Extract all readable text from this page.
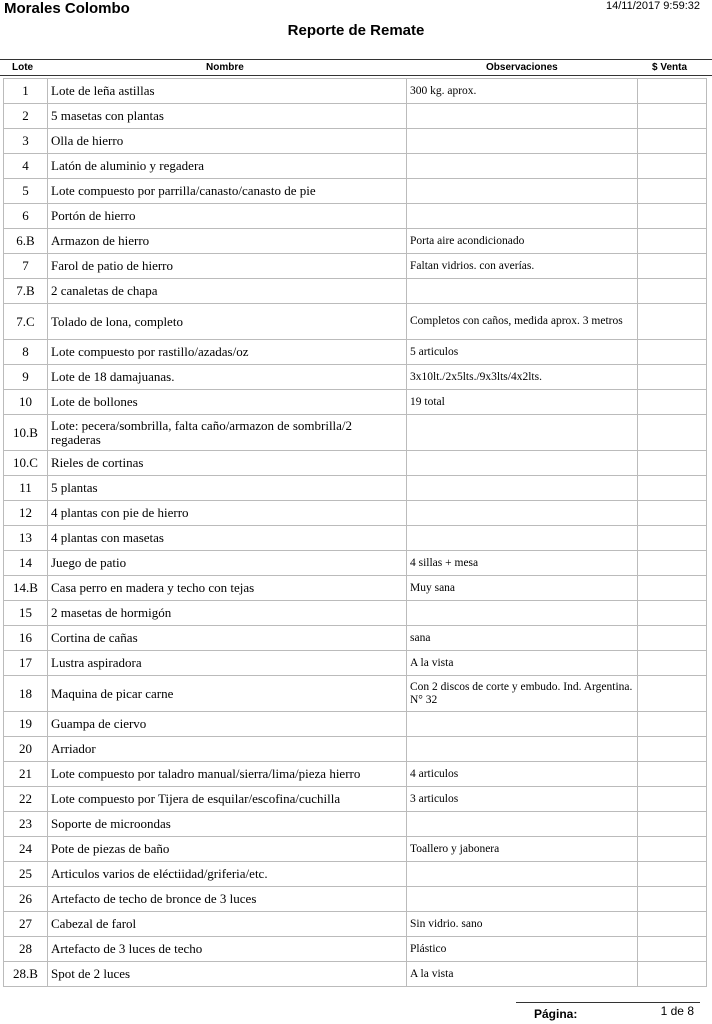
Morales Colombo	14/11/2017 9:59:32
Reporte de Remate
Lote	Nombre	Observaciones	$ Venta
1	Lote de leña astillas	300 kg. aprox.	
2	5 masetas con plantas		
3	Olla de hierro		
4	Latón de aluminio y regadera		
5	Lote compuesto por parrilla/canasto/canasto de pie		
6	Portón de hierro		
6.B	Armazon de hierro	Porta aire acondicionado	
7	Farol de patio de hierro	Faltan vidrios. con averías.	
7.B	2 canaletas de chapa		
7.C	Tolado de lona, completo	Completos con caños, medida aprox. 3 metros	
8	Lote compuesto por rastillo/azadas/oz	5 articulos	
9	Lote de 18 damajuanas.	3x10lt./2x5lts./9x3lts/4x2lts.	
10	Lote de bollones	19 total	
10.B	Lote: pecera/sombrilla, falta caño/armazon de sombrilla/2 regaderas		
10.C	Rieles de cortinas		
11	5 plantas		
12	4 plantas con pie de hierro		
13	4 plantas con masetas		
14	Juego de patio	4 sillas + mesa	
14.B	Casa perro en madera y techo con tejas	Muy sana	
15	2 masetas de hormigón		
16	Cortina de cañas	sana	
17	Lustra aspiradora	A la vista	
18	Maquina de picar carne	Con 2 discos de corte y embudo. Ind. Argentina. N° 32	
19	Guampa de ciervo		
20	Arriador		
21	Lote compuesto por taladro manual/sierra/lima/pieza hierro	4 articulos	
22	Lote compuesto por Tijera de esquilar/escofina/cuchilla	3 articulos	
23	Soporte de microondas		
24	Pote de piezas de baño	Toallero y jabonera	
25	Articulos varios de eléctiidad/griferia/etc.		
26	Artefacto de techo de bronce de 3 luces		
27	Cabezal de farol	Sin vidrio. sano	
28	Artefacto de 3 luces de techo	Plástico	
28.B	Spot de 2 luces	A la vista	
Página:	1 de 8
